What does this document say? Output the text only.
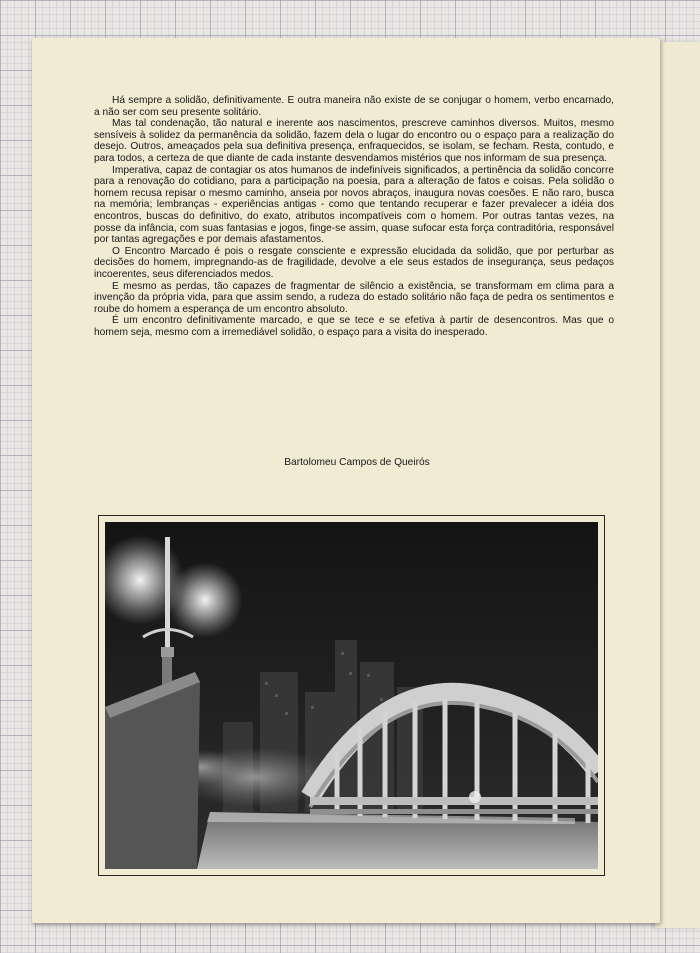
Há sempre a solidão, definitivamente. E outra maneira não existe de se conjugar o homem, verbo encarnado, a não ser com seu presente solitário.

Mas tal condenação, tão natural e inerente aos nascimentos, prescreve caminhos diversos. Muitos, mesmo sensíveis à solidez da permanência da solidão, fazem dela o lugar do encontro ou o espaço para a realização do desejo. Outros, ameaçados pela sua definitiva presença, enfraquecidos, se isolam, se fecham. Resta, contudo, e para todos, a certeza de que diante de cada instante desvendamos mistérios que nos informam de sua presença.

Imperativa, capaz de contagiar os atos humanos de indefiníveis significados, a pertinência da solidão concorre para a renovação do cotidiano, para a participação na poesia, para a alteração de fatos e coisas. Pela solidão o homem recusa repisar o mesmo caminho, anseia por novos abraços, inaugura novas coesões. E não raro, busca na memória; lembranças - experiências antigas - como que tentando recuperar e fazer prevalecer a idéia dos encontros, buscas do definitivo, do exato, atributos incompatíveis com o homem. Por outras tantas vezes, na posse da infância, com suas fantasias e jogos, finge-se assim, quase sufocar esta força contraditória, responsável por tantas agregações e por demais afastamentos.

O Encontro Marcado é pois o resgate consciente e expressão elucidada da solidão, que por perturbar as decisões do homem, impregnando-as de fragilidade, devolve a ele seus estados de insegurança, seus pedaços incoerentes, seus diferenciados medos.

E mesmo as perdas, tão capazes de fragmentar de silêncio a existência, se transformam em clima para a invenção da própria vida, para que assim sendo, a rudeza do estado solitário não faça de pedra os sentimentos e roube do homem a esperança de um encontro absoluto.

É um encontro definitivamente marcado, e que se tece e se efetiva à partir de desencontros. Mas que o homem seja, mesmo com a irremediável solidão, o espaço para a visita do inesperado.

Bartolomeu Campos de Queirós
